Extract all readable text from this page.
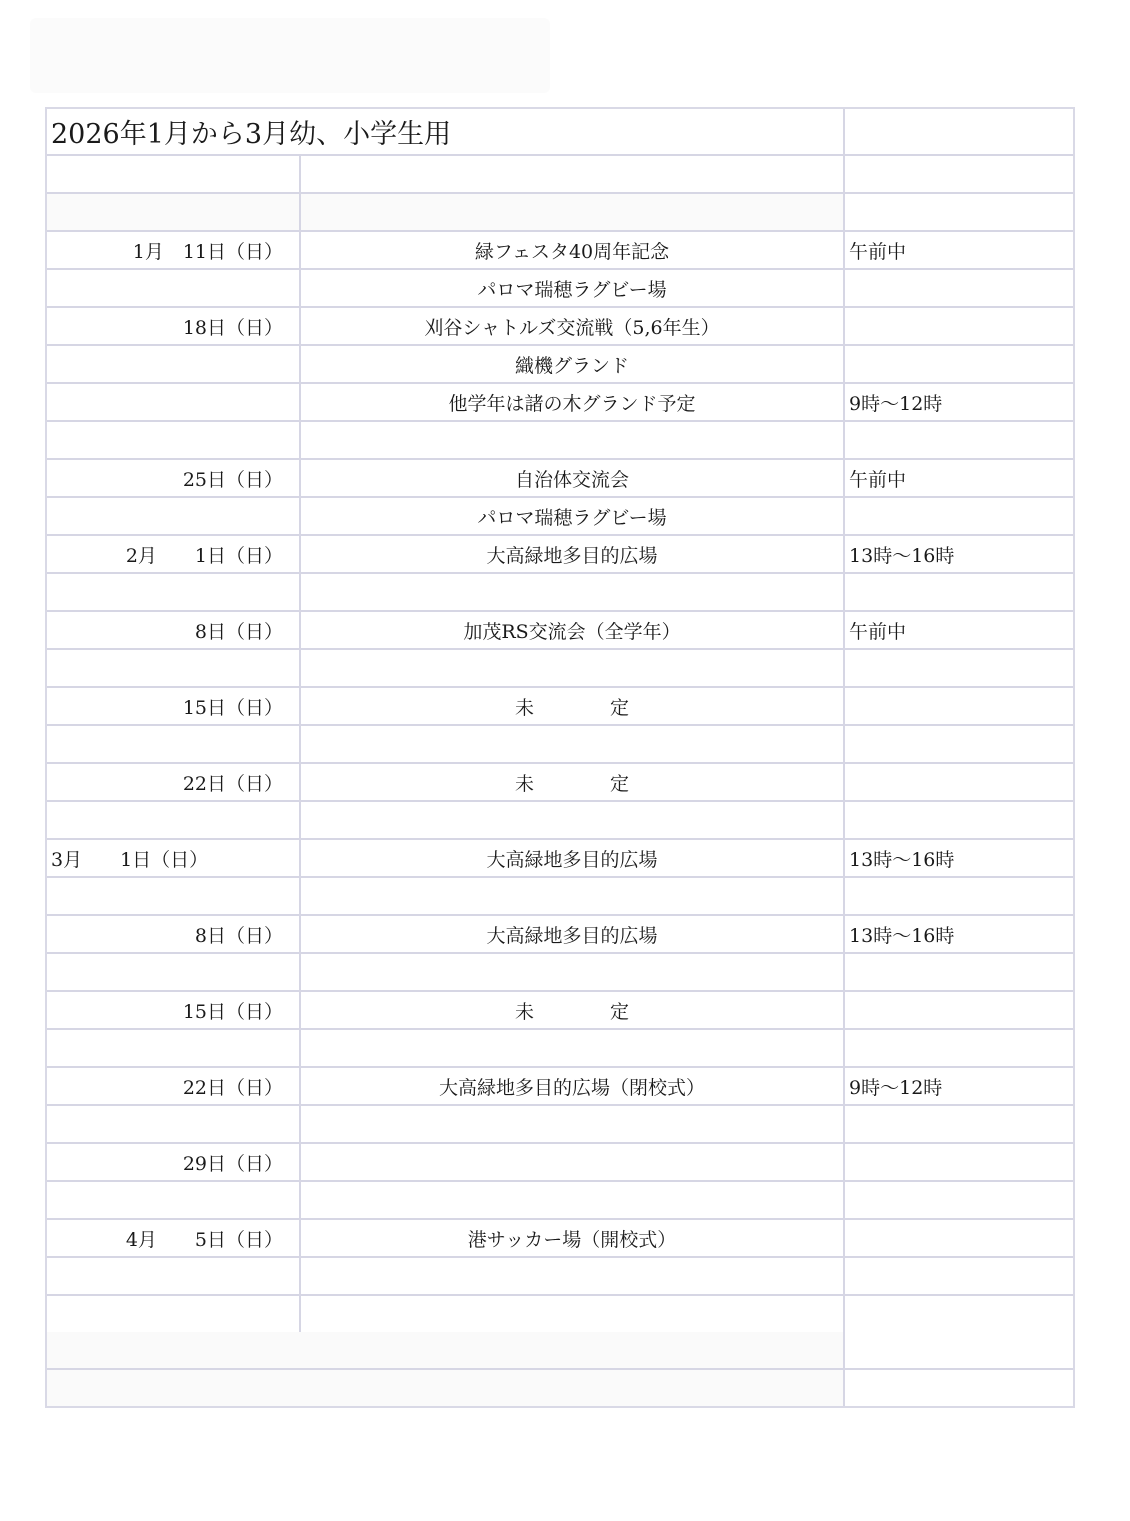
2026年1月から3月幼、小学生用		

1月　11日（日）	緑フェスタ40周年記念	午前中
	パロマ瑞穂ラグビー場	
18日（日）	刈谷シャトルズ交流戦（5,6年生）	
	織機グランド	
	他学年は諸の木グランド予定	9時〜12時

25日（日）	自治体交流会	午前中
	パロマ瑞穂ラグビー場	
2月　　1日（日）	大高緑地多目的広場	13時〜16時

8日（日）	加茂RS交流会（全学年）	午前中

15日（日）	未　　　　定	

22日（日）	未　　　　定	

3月　　1日（日）	大高緑地多目的広場	13時〜16時

8日（日）	大高緑地多目的広場	13時〜16時

15日（日）	未　　　　定	

22日（日）	大高緑地多目的広場（閉校式）	9時〜12時

29日（日）		

4月　　5日（日）	港サッカー場（開校式）	
